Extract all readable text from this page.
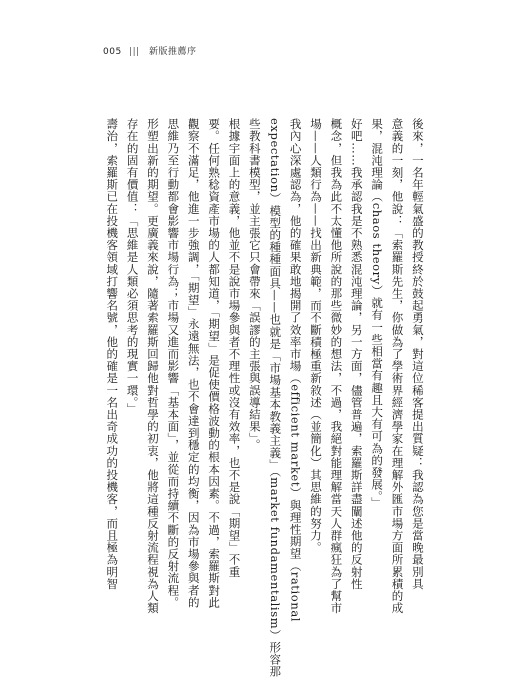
005 ||| 新版推薦序
後來，一名年輕氣盛的教授終於鼓起勇氣，對這位稀客提出質疑：我認為您是當晚最別具
意義的一刻，他說：「索羅斯先生，你做為了學術界經濟學家在理解外匯市場方面所累積的成
果，混沌理論（chaos theory）就有一些相當有趣且大有可為的發展。」
好吧……我承認我是不熟悉混沌理論，另一方面，儘管普遍，索羅斯詳盡闡述他的反射性
概念，但我為此不太懂他所說的那些微妙的想法，不過，我絕對能理解當天人群瘋狂為了幫市
場——人類行為——找出新典範，而不斷積極重新敘述（並簡化）其思維的努力。
我內心深處認為，他的確果敢地揭開了效率市場（efficient market）與理性期望（rational
expectation）模型的種種面具——也就是「市場基本教義主義」（market fundamentalism）形容那
些教科書模型，並主張它只會帶來「誤謬的主張與誤導結果」。
根據宇面上的意義，他並不是說市場參與者不理性或沒有效率，也不是說「期望」不重
要。任何熟稔資產市場的人都知道，「期望」是促使價格波動的根本因素。不過，索羅斯對此
觀察不滿足，他進一步強調，「期望」永遠無法，也不會達到穩定的均衡，因為市場參與者的
思維乃至行動都會影響市場行為；市場又進而影響「基本面」，並從而持續不斷的反射流程。
形塑出新的期望。更廣義來說，隨著索羅斯回歸他對哲學的初衷，他將這種反射流程視為人類
存在的固有價值：「思維是人類必須思考的現實一環。」
壽治，索羅斯已在投機客領域打響名號，他的確是一名出奇成功的投機客，而且極為明智
